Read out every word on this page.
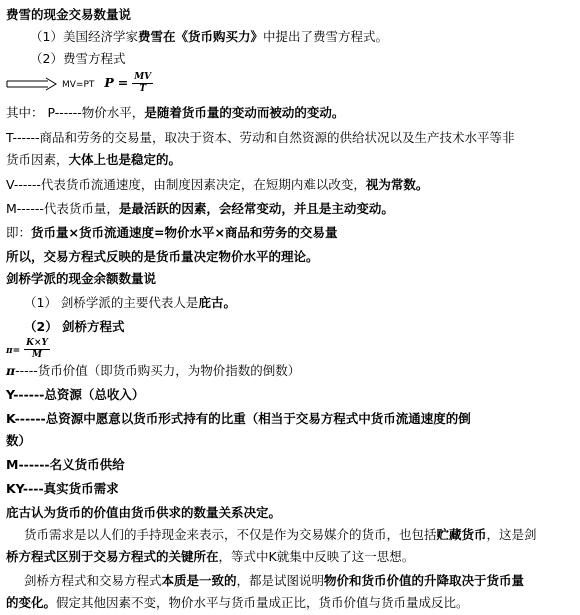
费雪的现金交易数量说
（1）美国经济学家费雪在《货币购买力》中提出了费雪方程式。
（2）费雪方程式
MV=PT $P = \frac{MV}{T}$
其中： P------物价水平，是随着货币量的变动而被动的变动。
T------商品和劳务的交易量，取决于资本、劳动和自然资源的供给状况以及生产技术水平等非
货币因素，大体上也是稳定的。
V------代表货币流通速度，由制度因素决定，在短期内难以改变，视为常数。
M------代表货币量，是最活跃的因素，会经常变动，并且是主动变动。
即：货币量×货币流通速度=物价水平×商品和劳务的交易量
所以，交易方程式反映的是货币量决定物价水平的理论。
剑桥学派的现金余额数量说
（1） 剑桥学派的主要代表人是庇古。
（2） 剑桥方程式
$\pi= \frac{K\times Y}{M}$
π-----货币价值（即货币购买力，为物价指数的倒数）
Y------总资源（总收入）
K------总资源中愿意以货币形式持有的比重（相当于交易方程式中货币流通速度的倒
数）
M------名义货币供给
KY----真实货币需求
庇古认为货币的价值由货币供求的数量关系决定。
货币需求是以人们的手持现金来表示，不仅是作为交易媒介的货币，也包括贮藏货币，这是剑
桥方程式区别于交易方程式的关键所在，等式中K就集中反映了这一思想。
剑桥方程式和交易方程式本质是一致的，都是试图说明物价和货币价值的升降取决于货币量
的变化。假定其他因素不变，物价水平与货币量成正比，货币价值与货币量成反比。
